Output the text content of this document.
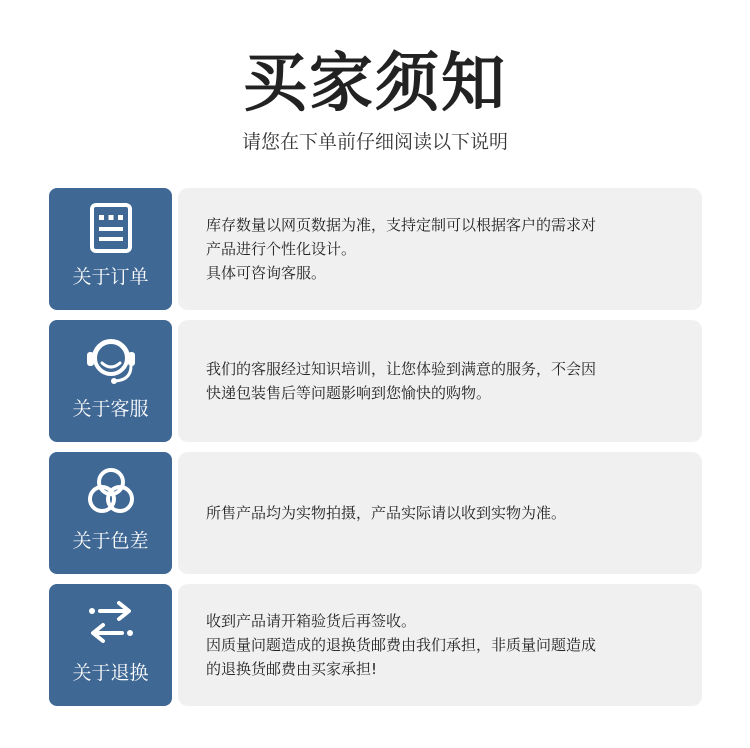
买家须知
请您在下单前仔细阅读以下说明
关于订单
库存数量以网页数据为准，支持定制可以根据客户的需求对
产品进行个性化设计。
具体可咨询客服。
关于客服
我们的客服经过知识培训，让您体验到满意的服务，不会因
快递包装售后等问题影响到您愉快的购物。
关于色差
所售产品均为实物拍摄，产品实际请以收到实物为准。
关于退换
收到产品请开箱验货后再签收。
因质量问题造成的退换货邮费由我们承担，非质量问题造成
的退换货邮费由买家承担!
